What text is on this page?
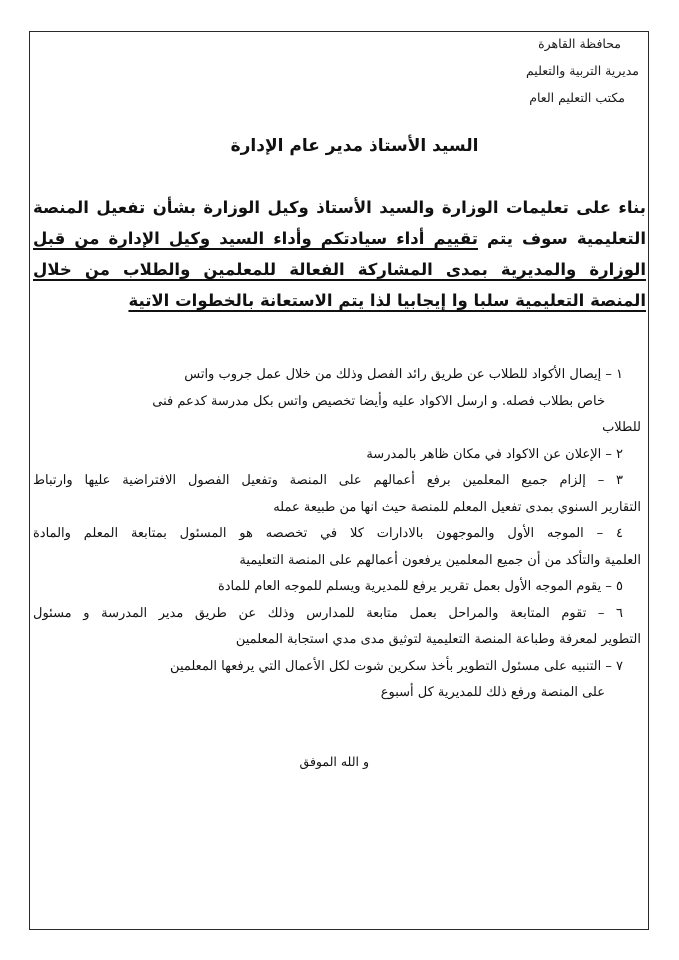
محافظة القاهرة
مديرية التربية والتعليم
مكتب التعليم العام
السيد الأستاذ مدير عام الإدارة
بناء على تعليمات الوزارة والسيد الأستاذ وكيل الوزارة بشأن تفعيل المنصة
التعليمية سوف يتم تقييم أداء سيادتكم وأداء السيد وكيل الإدارة من قبل
الوزارة والمديرية بمدى المشاركة الفعالة للمعلمين والطلاب من خلال
المنصة التعليمية سلبا وا إيجابيا لذا يتم الاستعانة بالخطوات الاتية
١ – إيصال الأكواد للطلاب عن طريق رائد الفصل وذلك من خلال عمل جروب واتس
خاص بطلاب فصله. و ارسل الاكواد عليه وأيضا تخصيص واتس بكل مدرسة كدعم فنى
للطلاب
٢ – الإعلان عن الاكواد في مكان ظاهر بالمدرسة
٣ – إلزام جميع المعلمين برفع أعمالهم على المنصة وتفعيل الفصول الافتراضية عليها وارتباط
التقارير السنوي بمدى تفعيل المعلم للمنصة حيث انها من طبيعة عمله
٤ – الموجه الأول والموجهون بالادارات كلا في تخصصه هو المسئول بمتابعة المعلم والمادة
العلمية والتأكد من أن جميع المعلمين يرفعون أعمالهم على المنصة التعليمية
٥ – يقوم الموجه الأول بعمل تقرير يرفع للمديرية ويسلم للموجه العام للمادة
٦ – تقوم المتابعة والمراحل بعمل متابعة للمدارس وذلك عن طريق مدير المدرسة و مسئول
التطوير لمعرفة وطباعة المنصة التعليمية لتوثيق مدى مدي استجابة المعلمين
٧ – التنبيه على مسئول التطوير بأخذ سكرين شوت لكل الأعمال التي يرفعها المعلمين
على المنصة ورفع ذلك للمديرية كل أسبوع
و الله الموفق
